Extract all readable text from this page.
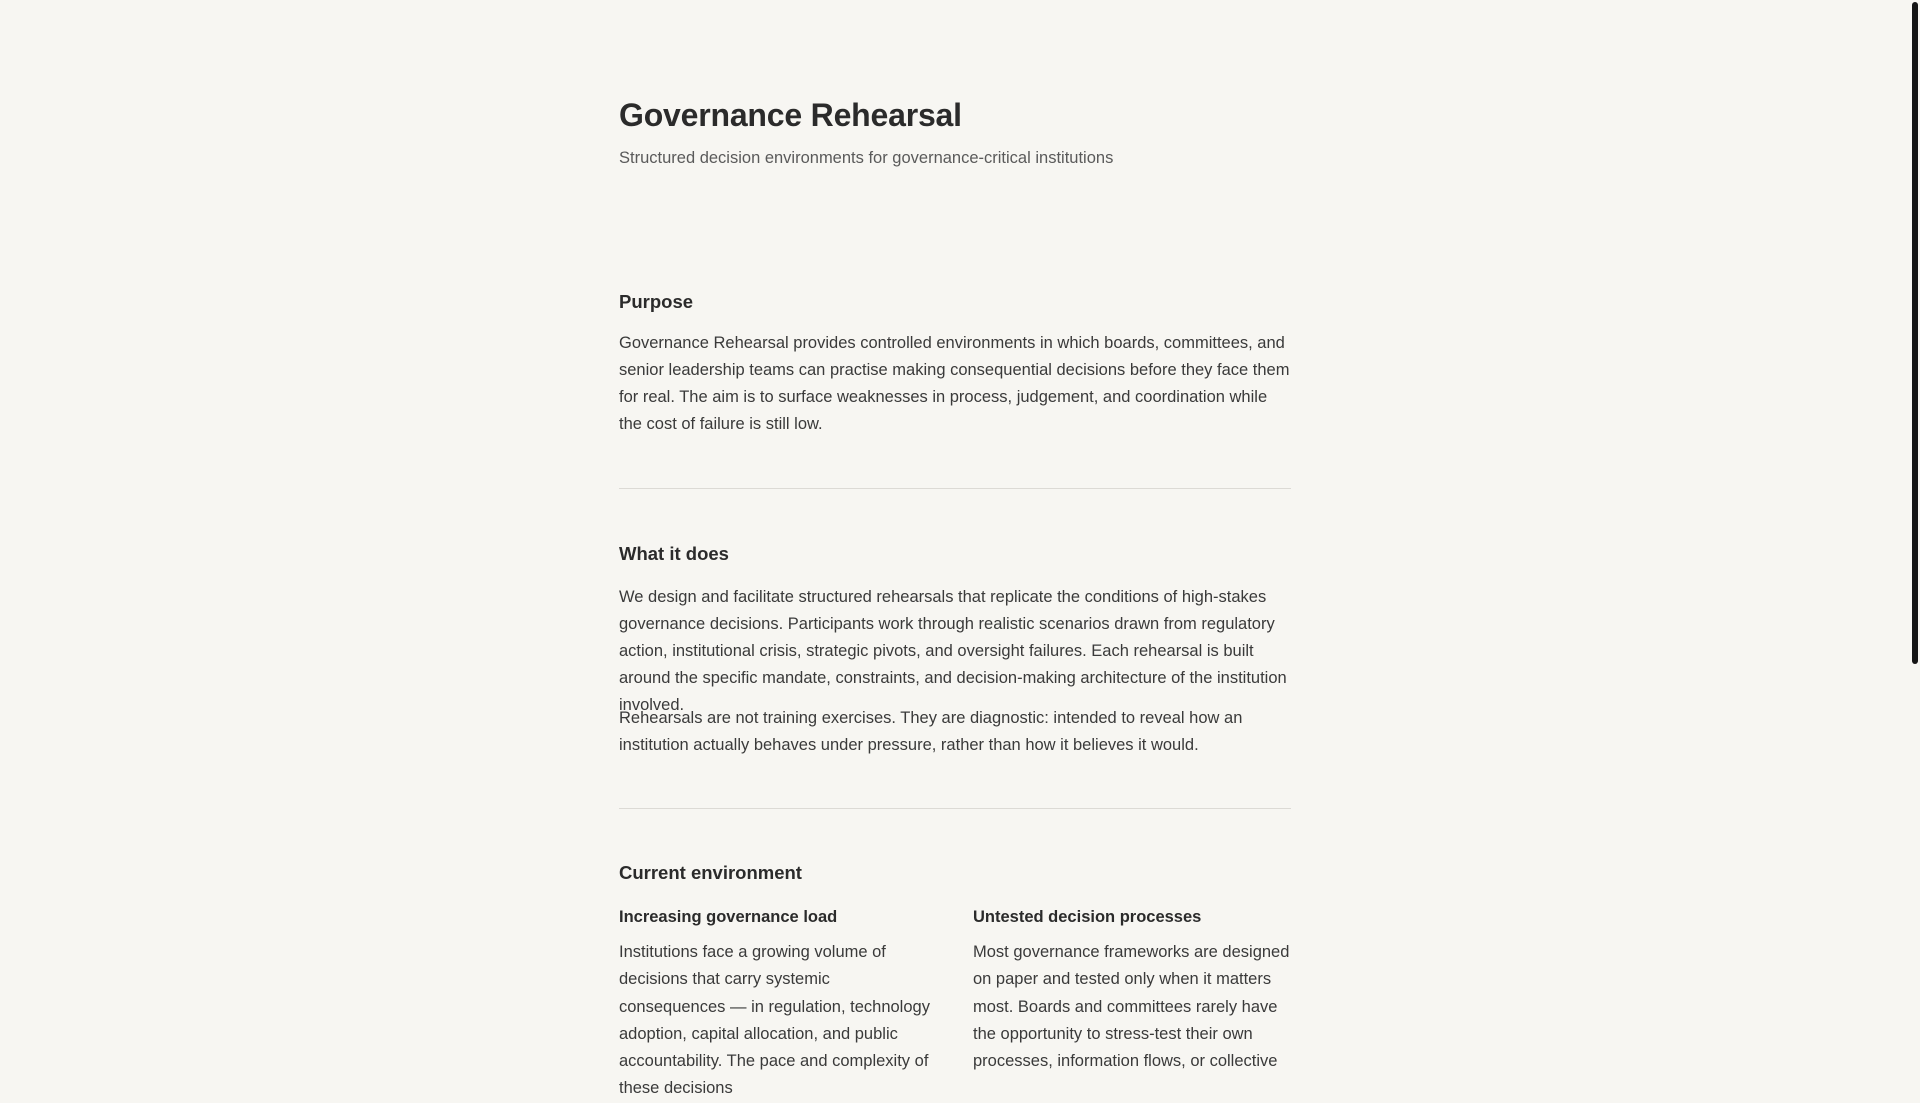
Governance Rehearsal

Structured decision environments for governance-critical institutions

Purpose

Governance Rehearsal provides controlled environments in which boards, committees, and senior leadership teams can practise making consequential decisions before they face them for real. The aim is to surface weaknesses in process, judgement, and coordination while the cost of failure is still low.

What it does

We design and facilitate structured rehearsals that replicate the conditions of high-stakes governance decisions. Participants work through realistic scenarios drawn from regulatory action, institutional crisis, strategic pivots, and oversight failures. Each rehearsal is built around the specific mandate, constraints, and decision-making architecture of the institution involved.

Rehearsals are not training exercises. They are diagnostic: intended to reveal how an institution actually behaves under pressure, rather than how it believes it would.

Current environment
Increasing governance load

Institutions face a growing volume of decisions that carry systemic consequences — in regulation, technology adoption, capital allocation, and public accountability. The pace and complexity of these decisions

Untested decision processes

Most governance frameworks are designed on paper and tested only when it matters most. Boards and committees rarely have the opportunity to stress-test their own processes, information flows, or collective
